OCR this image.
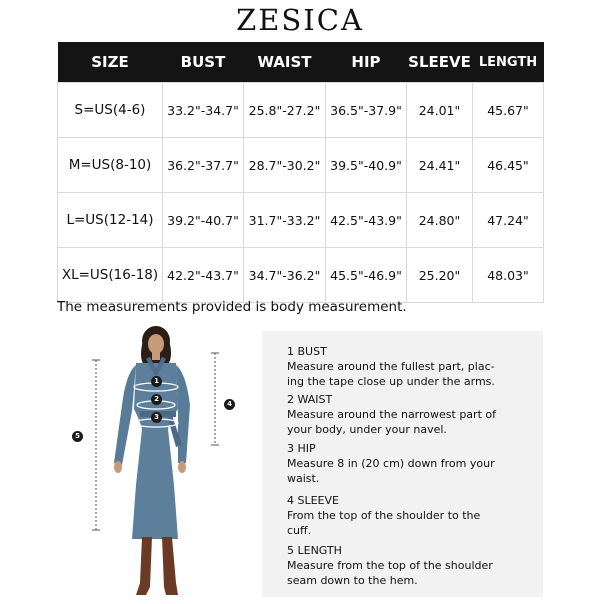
ZESICA
SIZE	BUST	WAIST	HIP	SLEEVE	LENGTH
S=US(4-6)	33.2"-34.7"	25.8"-27.2"	36.5"-37.9"	24.01"	45.67"
M=US(8-10)	36.2"-37.7"	28.7"-30.2"	39.5"-40.9"	24.41"	46.45"
L=US(12-14)	39.2"-40.7"	31.7"-33.2"	42.5"-43.9"	24.80"	47.24"
XL=US(16-18)	42.2"-43.7"	34.7"-36.2"	45.5"-46.9"	25.20"	48.03"
The measurements provided is body measurement.
1
2
3
4
5
1 BUST
Measure around the fullest part, plac-
ing the tape close up under the arms.
2 WAIST
Measure around the narrowest part of
your body, under your navel.
3 HIP
Measure 8 in (20 cm) down from your
waist.
4 SLEEVE
From the top of the shoulder to the
cuff.
5 LENGTH
Measure from the top of the shoulder
seam down to the hem.
